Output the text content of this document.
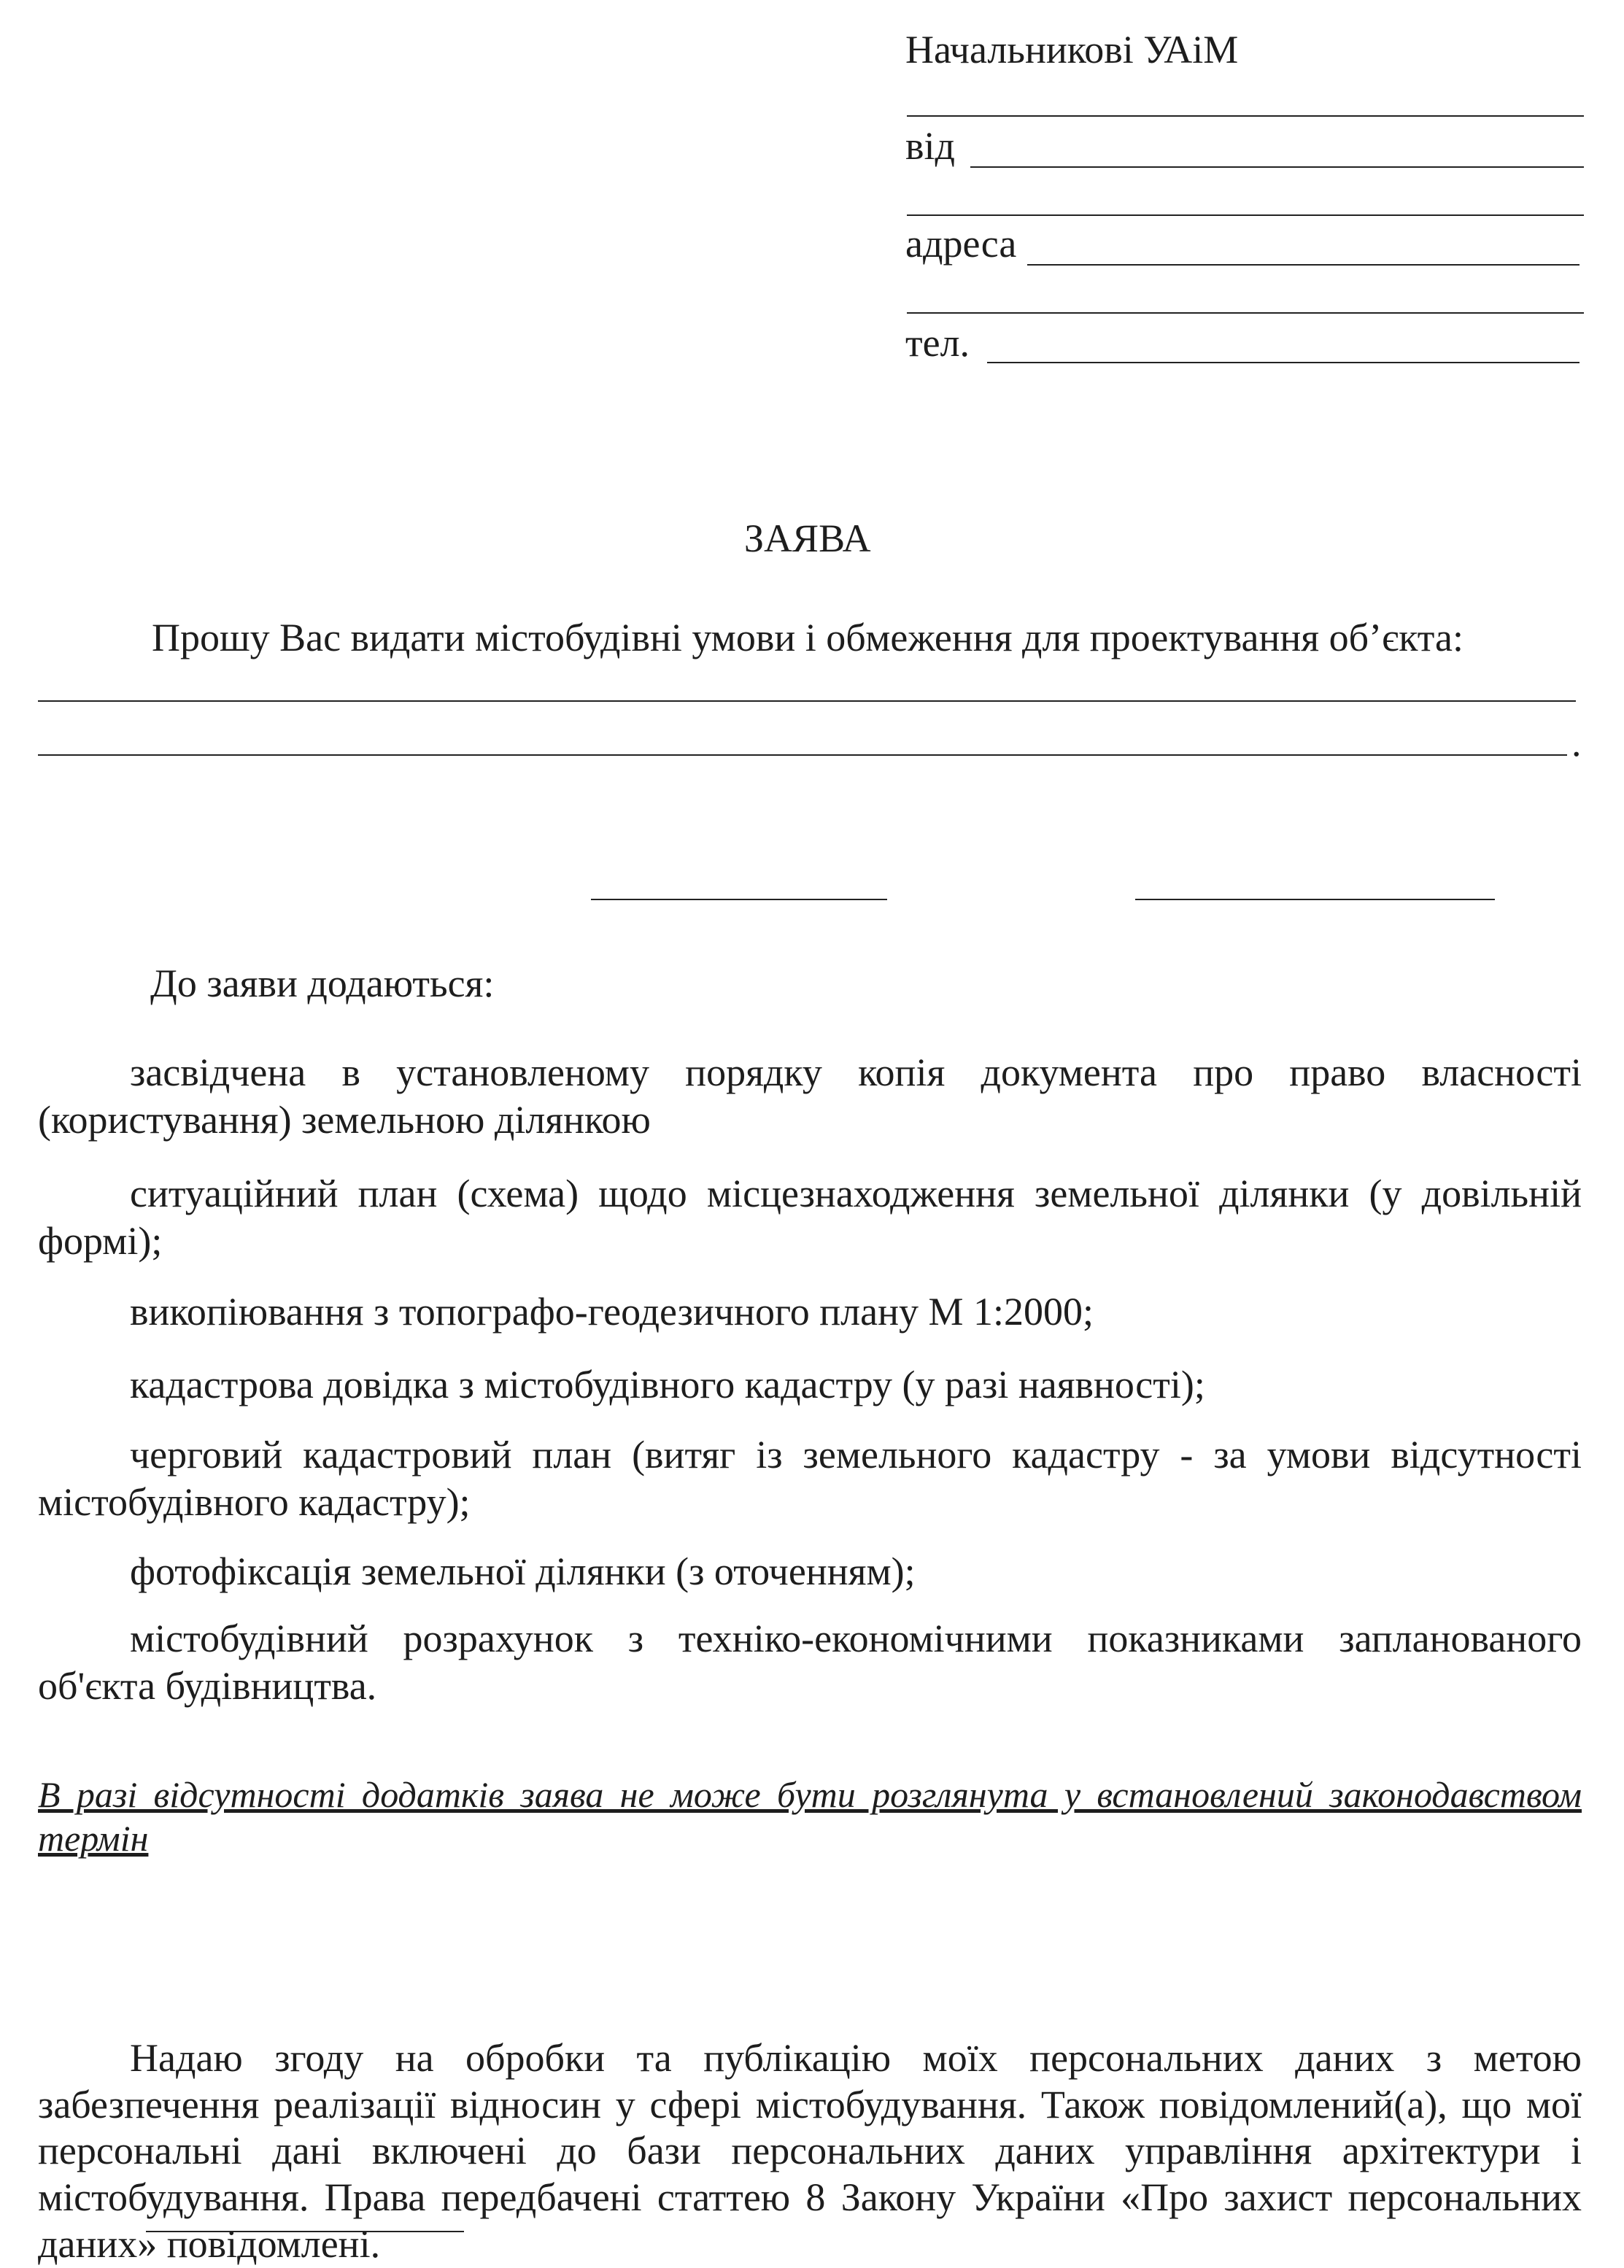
Начальникові УАіМ
від
адреса
тел.
ЗАЯВА
Прошу Вас видати містобудівні умови і обмеження для проектування об’єкта:
.
До заяви додаються:
засвідчена в установленому порядку копія документа про право власності (користування) земельною ділянкою
ситуаційний план (схема) щодо місцезнаходження земельної ділянки (у довільній формі);
викопіювання з топографо-геодезичного плану М 1:2000;
кадастрова довідка з містобудівного кадастру (у разі наявності);
черговий кадастровий план (витяг із земельного кадастру - за умови відсутності містобудівного кадастру);
фотофіксація земельної ділянки (з оточенням);
містобудівний розрахунок з техніко-економічними показниками запланованого об'єкта будівництва.
В разі відсутності додатків заява не може бути розглянута у встановлений законодавством термін
Надаю згоду на обробки та публікацію моїх персональних даних з метою забезпечення реалізації відносин у сфері містобудування. Також повідомлений(а), що мої персональні дані включені до бази персональних даних управління архітектури і містобудування. Права передбачені статтею 8 Закону України «Про захист персональних даних» повідомлені.
